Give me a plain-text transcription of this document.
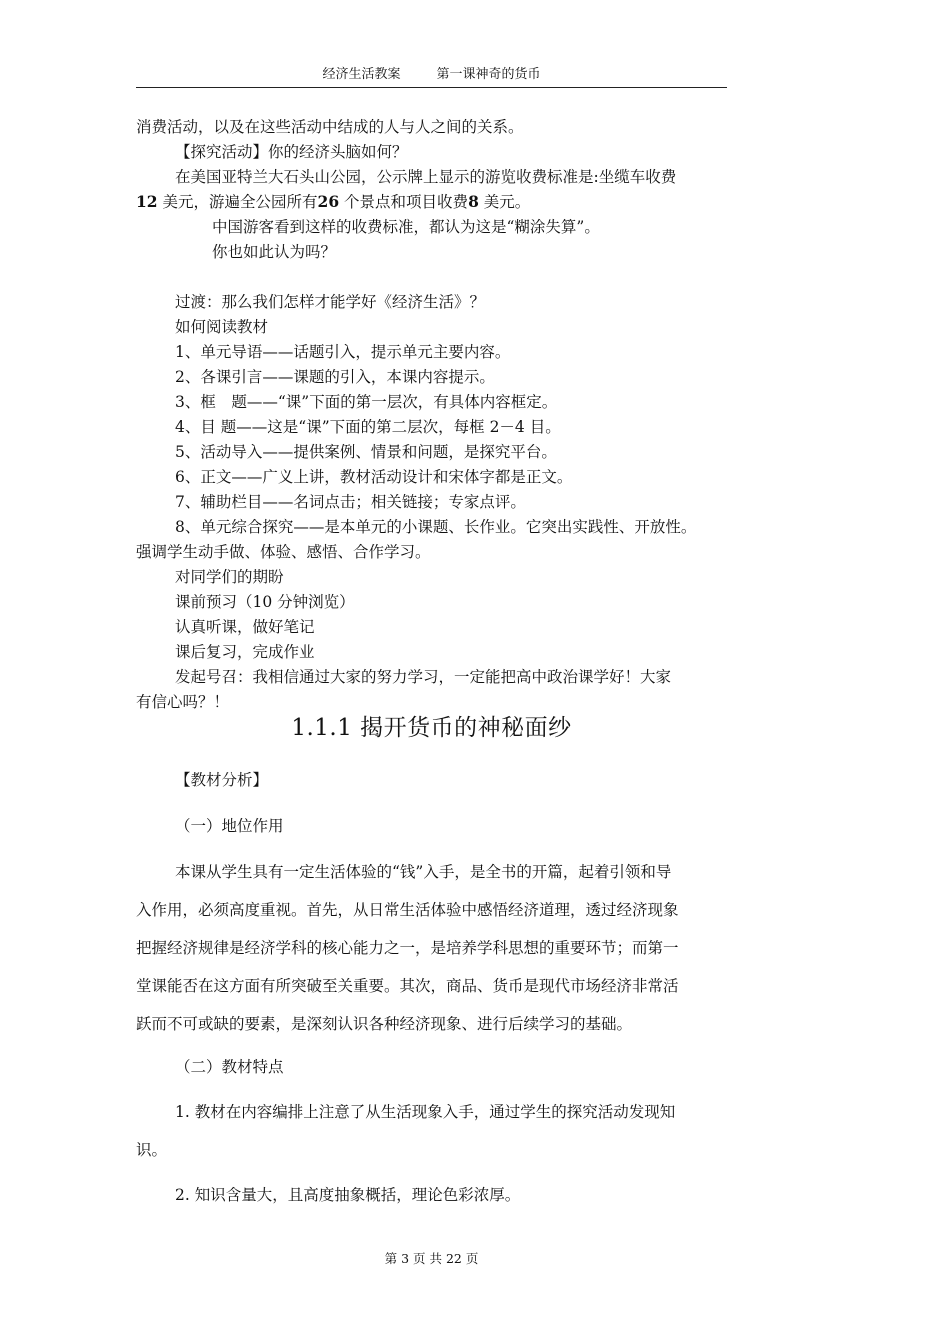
经济生活教案	第一课神奇的货币
消费活动，以及在这些活动中结成的人与人之间的关系。
【探究活动】你的经济头脑如何？
在美国亚特兰大石头山公园，公示牌上显示的游览收费标准是:坐缆车收费
12 美元，游遍全公园所有26 个景点和项目收费8 美元。
中国游客看到这样的收费标准，都认为这是“糊涂失算”。
你也如此认为吗？
过渡：那么我们怎样才能学好《经济生活》？
如何阅读教材
1、单元导语——话题引入，提示单元主要内容。
2、各课引言——课题的引入，本课内容提示。
3、框　题——“课”下面的第一层次，有具体内容框定。
4、目 题——这是“课”下面的第二层次，每框 2－4 目。
5、活动导入——提供案例、情景和问题，是探究平台。
6、正文——广义上讲，教材活动设计和宋体字都是正文。
7、辅助栏目——名词点击；相关链接；专家点评。
8、单元综合探究——是本单元的小课题、长作业。它突出实践性、开放性。
强调学生动手做、体验、感悟、合作学习。
对同学们的期盼
课前预习（10 分钟浏览）
认真听课，做好笔记
课后复习，完成作业
发起号召：我相信通过大家的努力学习，一定能把高中政治课学好！大家
有信心吗？！
1.1.1 揭开货币的神秘面纱
【教材分析】
（一）地位作用
本课从学生具有一定生活体验的“钱”入手，是全书的开篇，起着引领和导
入作用，必须高度重视。首先，从日常生活体验中感悟经济道理，透过经济现象
把握经济规律是经济学科的核心能力之一，是培养学科思想的重要环节；而第一
堂课能否在这方面有所突破至关重要。其次，商品、货币是现代市场经济非常活
跃而不可或缺的要素，是深刻认识各种经济现象、进行后续学习的基础。
（二）教材特点
1. 教材在内容编排上注意了从生活现象入手，通过学生的探究活动发现知
识。
2. 知识含量大，且高度抽象概括，理论色彩浓厚。
第 3 页 共 22 页
